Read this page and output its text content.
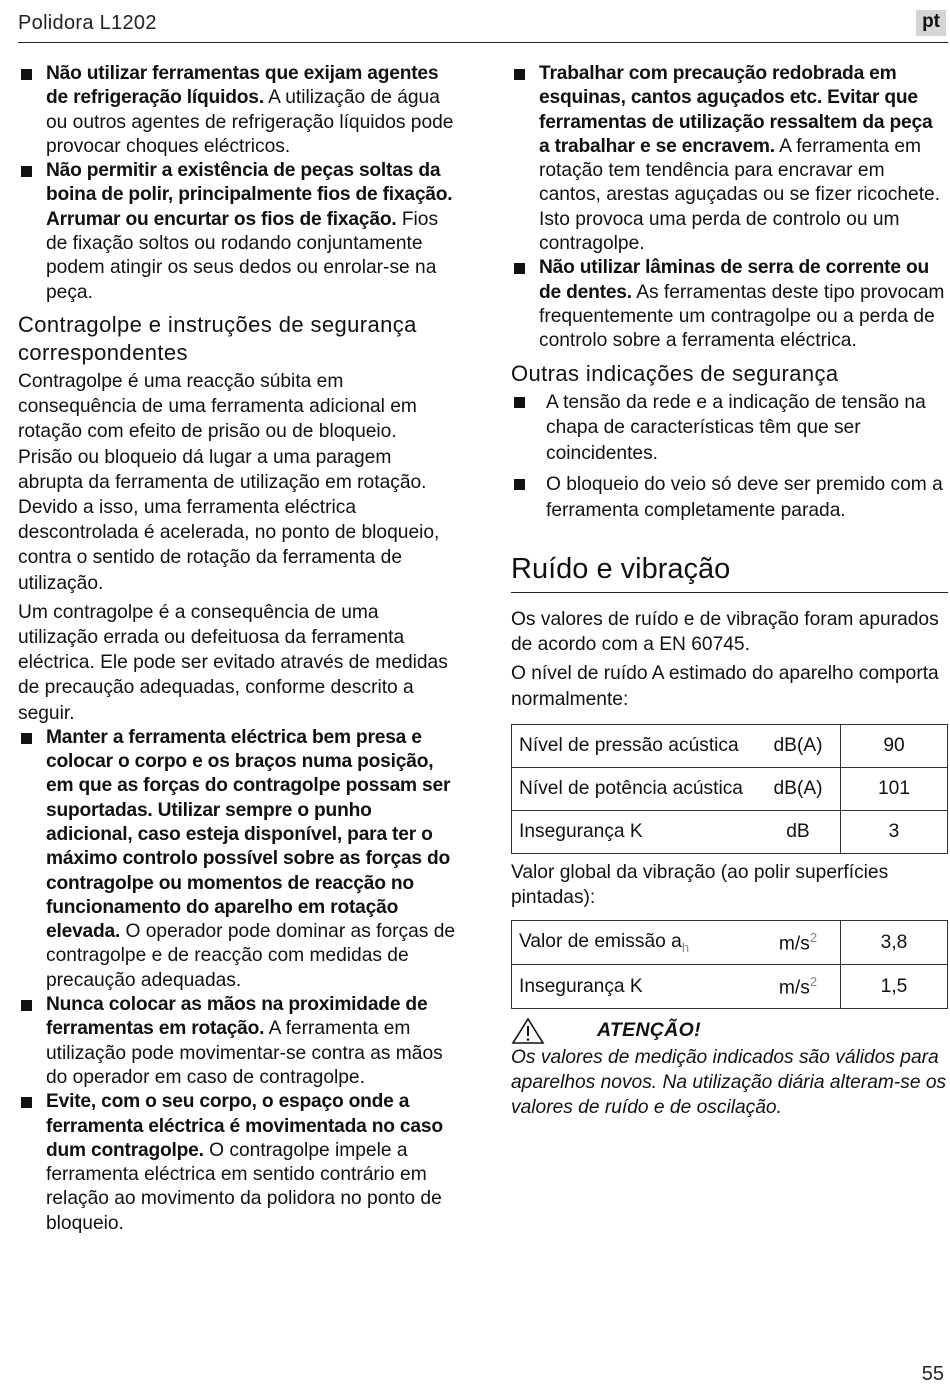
Polidora L1202	pt
Não utilizar ferramentas que exijam agentes de refrigeração líquidos. A utilização de água ou outros agentes de refrigeração líquidos pode provocar choques eléctricos.
Não permitir a existência de peças soltas da boina de polir, principalmente fios de fixação. Arrumar ou encurtar os fios de fixação. Fios de fixação soltos ou rodando conjuntamente podem atingir os seus dedos ou enrolar-se na peça.
Contragolpe e instruções de segurança correspondentes
Contragolpe é uma reacção súbita em consequência de uma ferramenta adicional em rotação com efeito de prisão ou de bloqueio. Prisão ou bloqueio dá lugar a uma paragem abrupta da ferramenta de utilização em rotação. Devido a isso, uma ferramenta eléctrica descontrolada é acelerada, no ponto de bloqueio, contra o sentido de rotação da ferramenta de utilização.
Um contragolpe é a consequência de uma utilização errada ou defeituosa da ferramenta eléctrica. Ele pode ser evitado através de medidas de precaução adequadas, conforme descrito a seguir.
Manter a ferramenta eléctrica bem presa e colocar o corpo e os braços numa posição, em que as forças do contragolpe possam ser suportadas. Utilizar sempre o punho adicional, caso esteja disponível, para ter o máximo controlo possível sobre as forças do contragolpe ou momentos de reacção no funcionamento do aparelho em rotação elevada. O operador pode dominar as forças de contragolpe e de reacção com medidas de precaução adequadas.
Nunca colocar as mãos na proximidade de ferramentas em rotação. A ferramenta em utilização pode movimentar-se contra as mãos do operador em caso de contragolpe.
Evite, com o seu corpo, o espaço onde a ferramenta eléctrica é movimentada no caso dum contragolpe. O contragolpe impele a ferramenta eléctrica em sentido contrário em relação ao movimento da polidora no ponto de bloqueio.
Trabalhar com precaução redobrada em esquinas, cantos aguçados etc. Evitar que ferramentas de utilização ressaltem da peça a trabalhar e se encravem. A ferramenta em rotação tem tendência para encravar em cantos, arestas aguçadas ou se fizer ricochete. Isto provoca uma perda de controlo ou um contragolpe.
Não utilizar lâminas de serra de corrente ou de dentes. As ferramentas deste tipo provocam frequentemente um contragolpe ou a perda de controlo sobre a ferramenta eléctrica.
Outras indicações de segurança
A tensão da rede e a indicação de tensão na chapa de características têm que ser coincidentes.
O bloqueio do veio só deve ser premido com a ferramenta completamente parada.
Ruído e vibração
Os valores de ruído e de vibração foram apurados de acordo com a EN 60745.
O nível de ruído A estimado do aparelho comporta normalmente:
Nível de pressão acústica	dB(A)	90
Nível de potência acústica	dB(A)	101
Insegurança K	dB	3
Valor global da vibração (ao polir superfícies pintadas):
Valor de emissão $a_h$	$m/s^2$	3,8
Insegurança K	$m/s^2$	1,5
ATENÇÃO!
Os valores de medição indicados são válidos para aparelhos novos. Na utilização diária alteram-se os valores de ruído e de oscilação.
55
